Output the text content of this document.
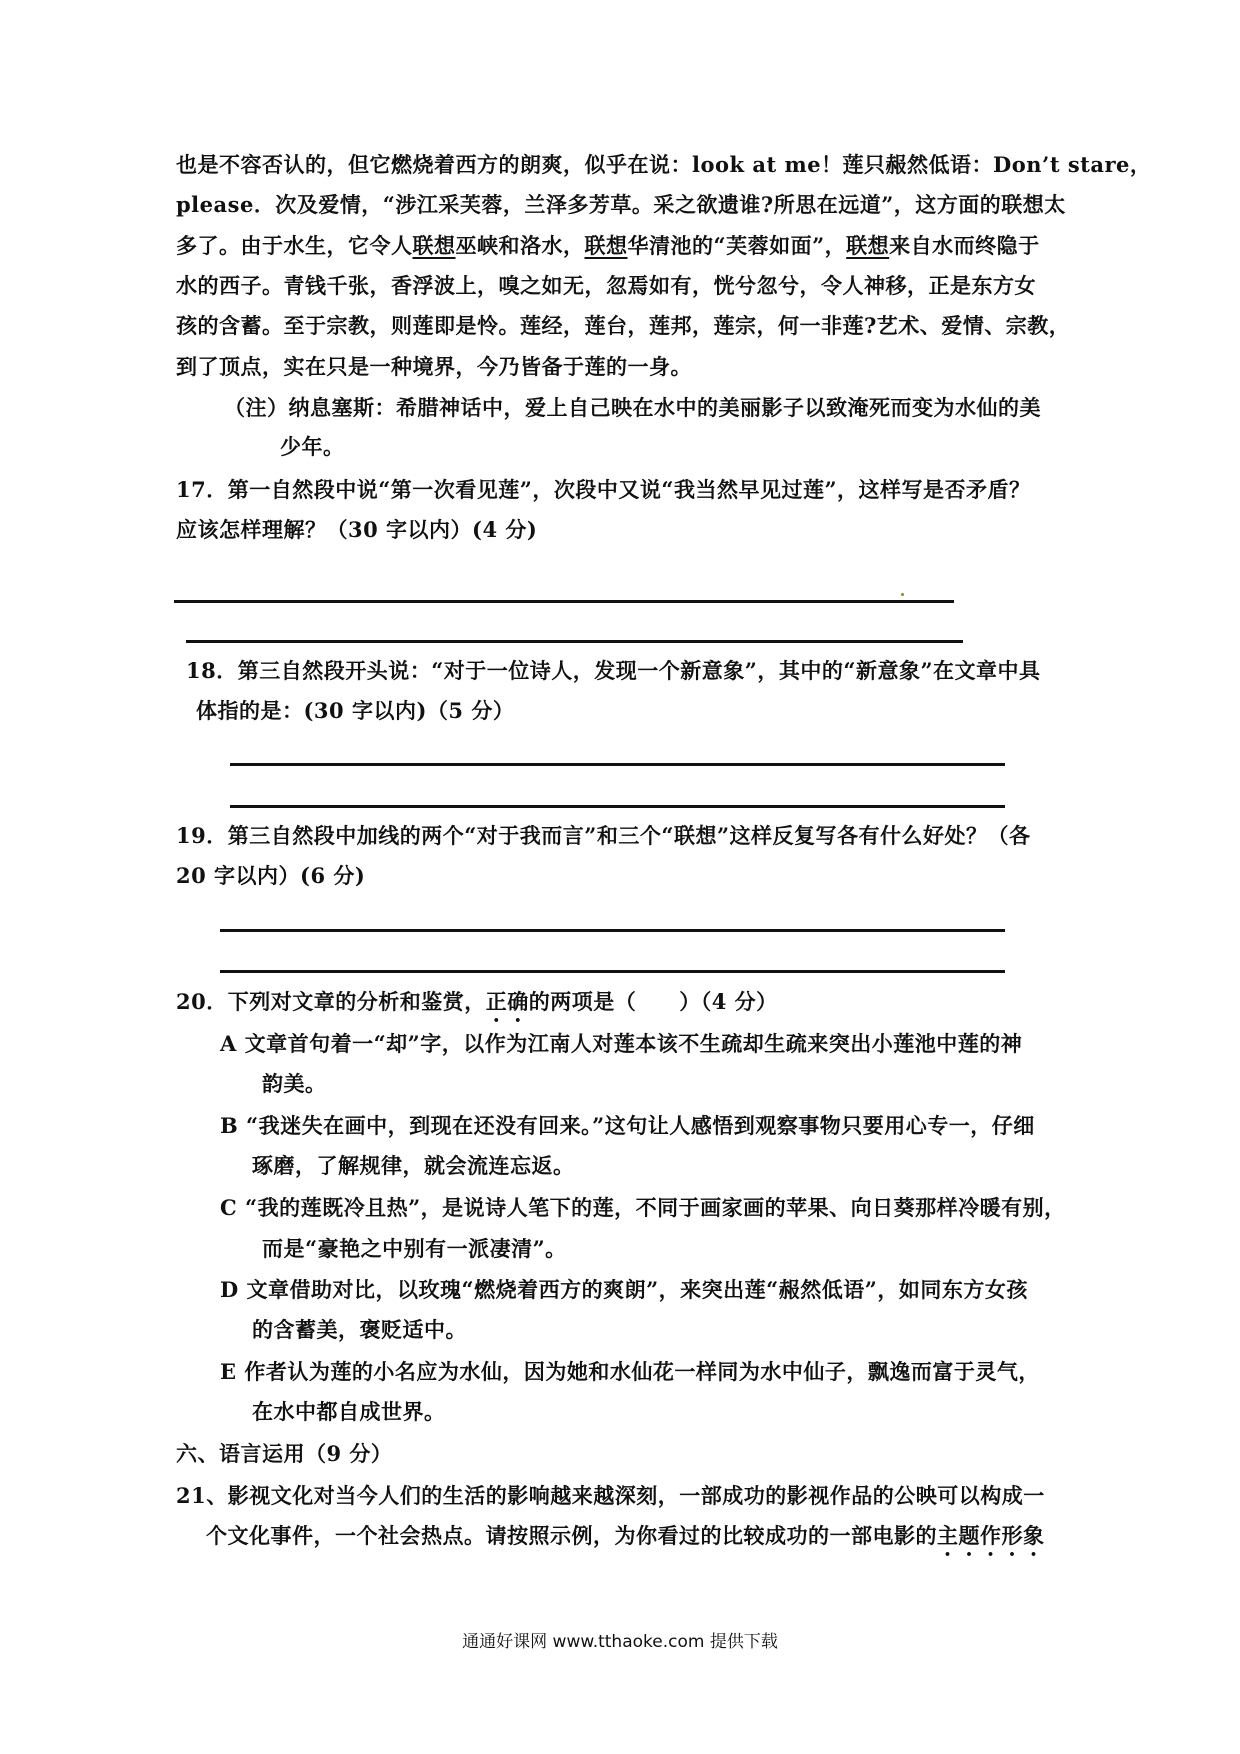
也是不容否认的，但它燃烧着西方的朗爽，似乎在说：look at me！莲只赧然低语：Don’t stare，
please．次及爱情，“涉江采芙蓉，兰泽多芳草。采之欲遗谁?所思在远道”，这方面的联想太
多了。由于水生，它令人联想巫峡和洛水，联想华清池的“芙蓉如面”，联想来自水而终隐于
水的西子。青钱千张，香浮波上，嗅之如无，忽焉如有，恍兮忽兮，令人神移，正是东方女
孩的含蓄。至于宗教，则莲即是怜。莲经，莲台，莲邦，莲宗，何一非莲?艺术、爱情、宗教，
到了顶点，实在只是一种境界，今乃皆备于莲的一身。
（注）纳息塞斯：希腊神话中，爱上自己映在水中的美丽影子以致淹死而变为水仙的美
少年。
17．第一自然段中说“第一次看见莲”，次段中又说“我当然早见过莲”，这样写是否矛盾？
应该怎样理解？（30 字以内）(4 分)
18．第三自然段开头说：“对于一位诗人，发现一个新意象”，其中的“新意象”在文章中具
体指的是：(30 字以内)（5 分）
19．第三自然段中加线的两个“对于我而言”和三个“联想”这样反复写各有什么好处？（各
20 字以内）(6 分)
20．下列对文章的分析和鉴赏，正确的两项是（　　）（4 分）
A 文章首句着一“却”字，以作为江南人对莲本该不生疏却生疏来突出小莲池中莲的神
韵美。
B “我迷失在画中，到现在还没有回来。”这句让人感悟到观察事物只要用心专一，仔细
琢磨，了解规律，就会流连忘返。
C “我的莲既冷且热”，是说诗人笔下的莲，不同于画家画的苹果、向日葵那样冷暖有别，
而是“豪艳之中别有一派凄清”。
D 文章借助对比，以玫瑰“燃烧着西方的爽朗”，来突出莲“赧然低语”，如同东方女孩
的含蓄美，褒贬适中。
E 作者认为莲的小名应为水仙，因为她和水仙花一样同为水中仙子，飘逸而富于灵气，
在水中都自成世界。
六、语言运用（9 分）
21、影视文化对当今人们的生活的影响越来越深刻，一部成功的影视作品的公映可以构成一
个文化事件，一个社会热点。请按照示例，为你看过的比较成功的一部电影的主题作形象
通通好课网 www.tthaoke.com 提供下载
